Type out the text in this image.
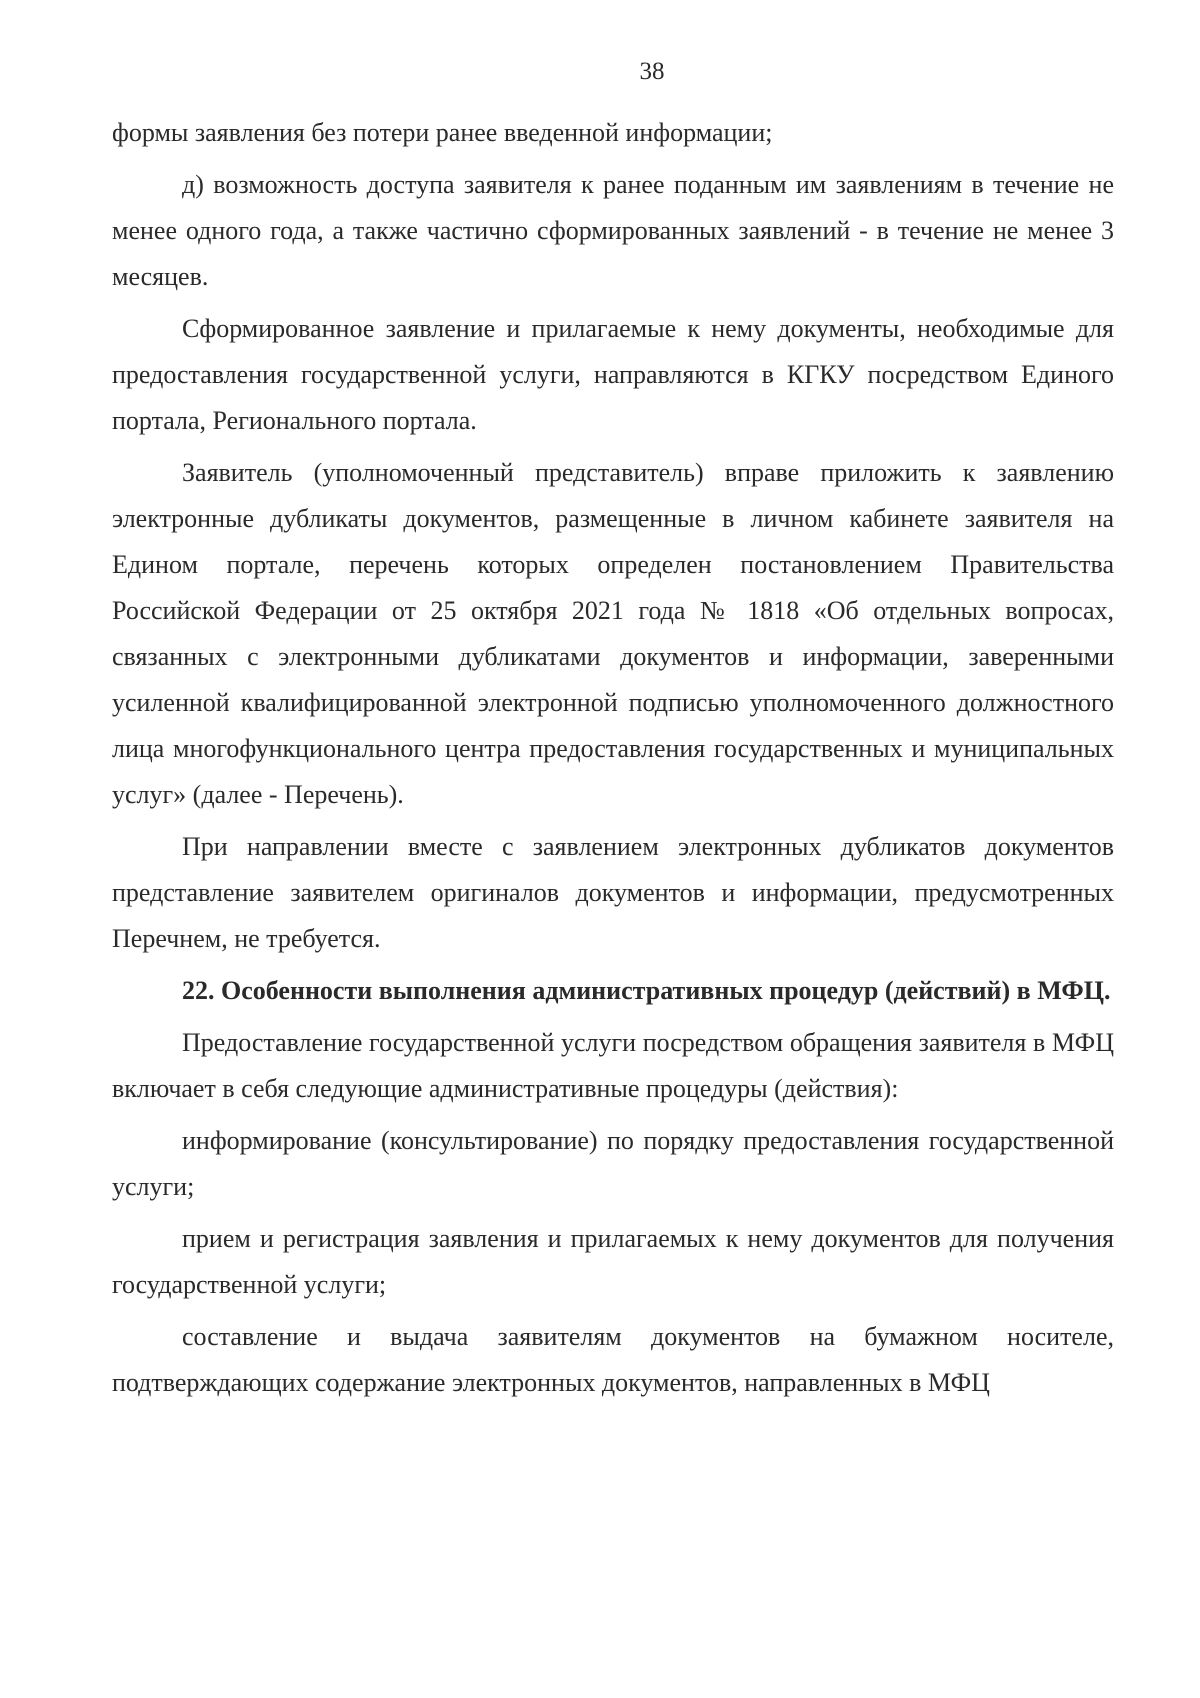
38

формы заявления без потери ранее введенной информации;

д) возможность доступа заявителя к ранее поданным им заявлениям в течение не менее одного года, а также частично сформированных заявлений - в течение не менее 3 месяцев.

Сформированное заявление и прилагаемые к нему документы, необходимые для предоставления государственной услуги, направляются в КГКУ посредством Единого портала, Регионального портала.

Заявитель (уполномоченный представитель) вправе приложить к заявлению электронные дубликаты документов, размещенные в личном кабинете заявителя на Едином портале, перечень которых определен постановлением Правительства Российской Федерации от 25 октября 2021 года № 1818 «Об отдельных вопросах, связанных с электронными дубликатами документов и информации, заверенными усиленной квалифицированной электронной подписью уполномоченного должностного лица многофункционального центра предоставления государственных и муниципальных услуг» (далее - Перечень).

При направлении вместе с заявлением электронных дубликатов документов представление заявителем оригиналов документов и информации, предусмотренных Перечнем, не требуется.

22. Особенности выполнения административных процедур (действий) в МФЦ.

Предоставление государственной услуги посредством обращения заявителя в МФЦ включает в себя следующие административные процедуры (действия):

информирование (консультирование) по порядку предоставления государственной услуги;

прием и регистрация заявления и прилагаемых к нему документов для получения государственной услуги;

составление и выдача заявителям документов на бумажном носителе, подтверждающих содержание электронных документов, направленных в МФЦ
